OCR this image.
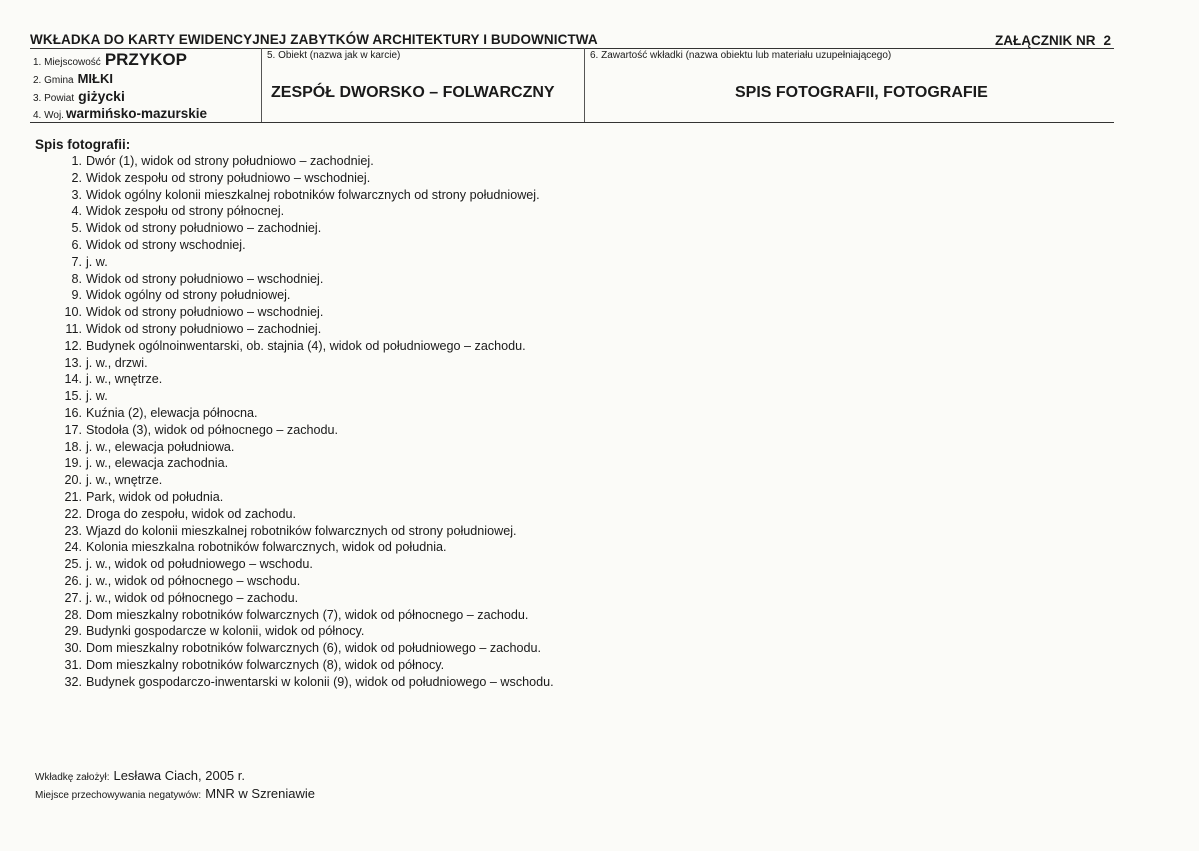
WKŁADKA DO KARTY EWIDENCYJNEJ ZABYTKÓW ARCHITEKTURY I BUDOWNICTWA	ZAŁĄCZNIK NR 2
1. Miejscowość PRZYKOP
2. Gmina MIŁKI
3. Powiat giżycki
4. Woj. warmińsko-mazurskie
5. Obiekt (nazwa jak w karcie)
ZESPÓŁ DWORSKO – FOLWARCZNY
6. Zawartość wkładki (nazwa obiektu lub materiału uzupełniającego)
SPIS FOTOGRAFII, FOTOGRAFIE
Spis fotografii:
1. Dwór (1), widok od strony południowo – zachodniej.
2. Widok zespołu od strony południowo – wschodniej.
3. Widok ogólny kolonii mieszkalnej robotników folwarcznych od strony południowej.
4. Widok zespołu od strony północnej.
5. Widok od strony południowo – zachodniej.
6. Widok od strony wschodniej.
7. j. w.
8. Widok od strony południowo – wschodniej.
9. Widok ogólny od strony południowej.
10. Widok od strony południowo – wschodniej.
11. Widok od strony południowo – zachodniej.
12. Budynek ogólnoinwentarski, ob. stajnia (4), widok od południowego – zachodu.
13. j. w., drzwi.
14. j. w., wnętrze.
15. j. w.
16. Kuźnia (2), elewacja północna.
17. Stodoła (3), widok od północnego – zachodu.
18. j. w., elewacja południowa.
19. j. w., elewacja zachodnia.
20. j. w., wnętrze.
21. Park, widok od południa.
22. Droga do zespołu, widok od zachodu.
23. Wjazd do kolonii mieszkalnej robotników folwarcznych od strony południowej.
24. Kolonia mieszkalna robotników folwarcznych, widok od południa.
25. j. w., widok od południowego – wschodu.
26. j. w., widok od północnego – wschodu.
27. j. w., widok od północnego – zachodu.
28. Dom mieszkalny robotników folwarcznych (7), widok od północnego – zachodu.
29. Budynki gospodarcze w kolonii, widok od północy.
30. Dom mieszkalny robotników folwarcznych (6), widok od południowego – zachodu.
31. Dom mieszkalny robotników folwarcznych (8), widok od północy.
32. Budynek gospodarczo-inwentarski w kolonii (9), widok od południowego – wschodu.
Wkładkę założył: Lesława Ciach, 2005 r.
Miejsce przechowywania negatywów: MNR w Szreniawie
